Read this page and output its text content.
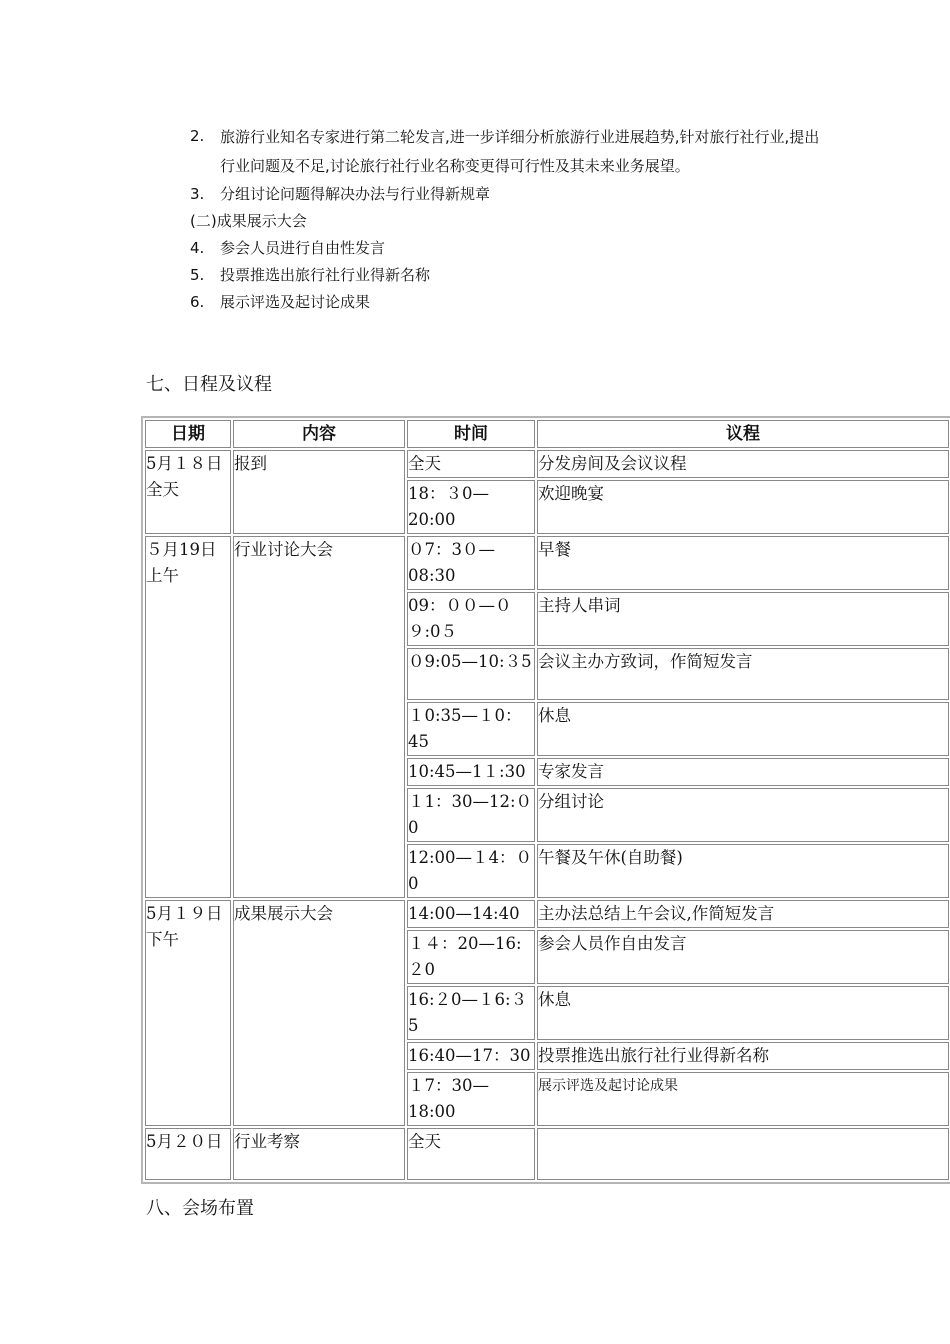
2.	旅游行业知名专家进行第二轮发言,进一步详细分析旅游行业进展趋势,针对旅行社行业,提出行业问题及不足,讨论旅行社行业名称变更得可行性及其未来业务展望。
3.	分组讨论问题得解决办法与行业得新规章
(二)成果展示大会
4.	参会人员进行自由性发言
5.	投票推选出旅行社行业得新名称
6.	展示评选及起讨论成果
七、日程及议程
日期	内容	时间	议程
5月１８日全天	报到	全天	分发房间及会议议程
		18：３0—20:00	欢迎晚宴
５月19日上午	行业讨论大会	０7：3０—08:30	早餐
		09：００—０９:0５	主持人串词
		０9:05—10:３5	会议主办方致词，作简短发言
		１0:35—１0：45	休息
		10:45—1１:30	专家发言
		１1：30—12:０0	分组讨论
		12:00—１4：０0	午餐及午休(自助餐)
5月１９日下午	成果展示大会	14:00—14:40	主办法总结上午会议,作简短发言
		１４：20—16:２0	参会人员作自由发言
		16:２0—１6:３5	休息
		16:40—17：30	投票推选出旅行社行业得新名称
		１7：30—18:00	展示评选及起讨论成果
5月２０日	行业考察	全天	
八、会场布置
